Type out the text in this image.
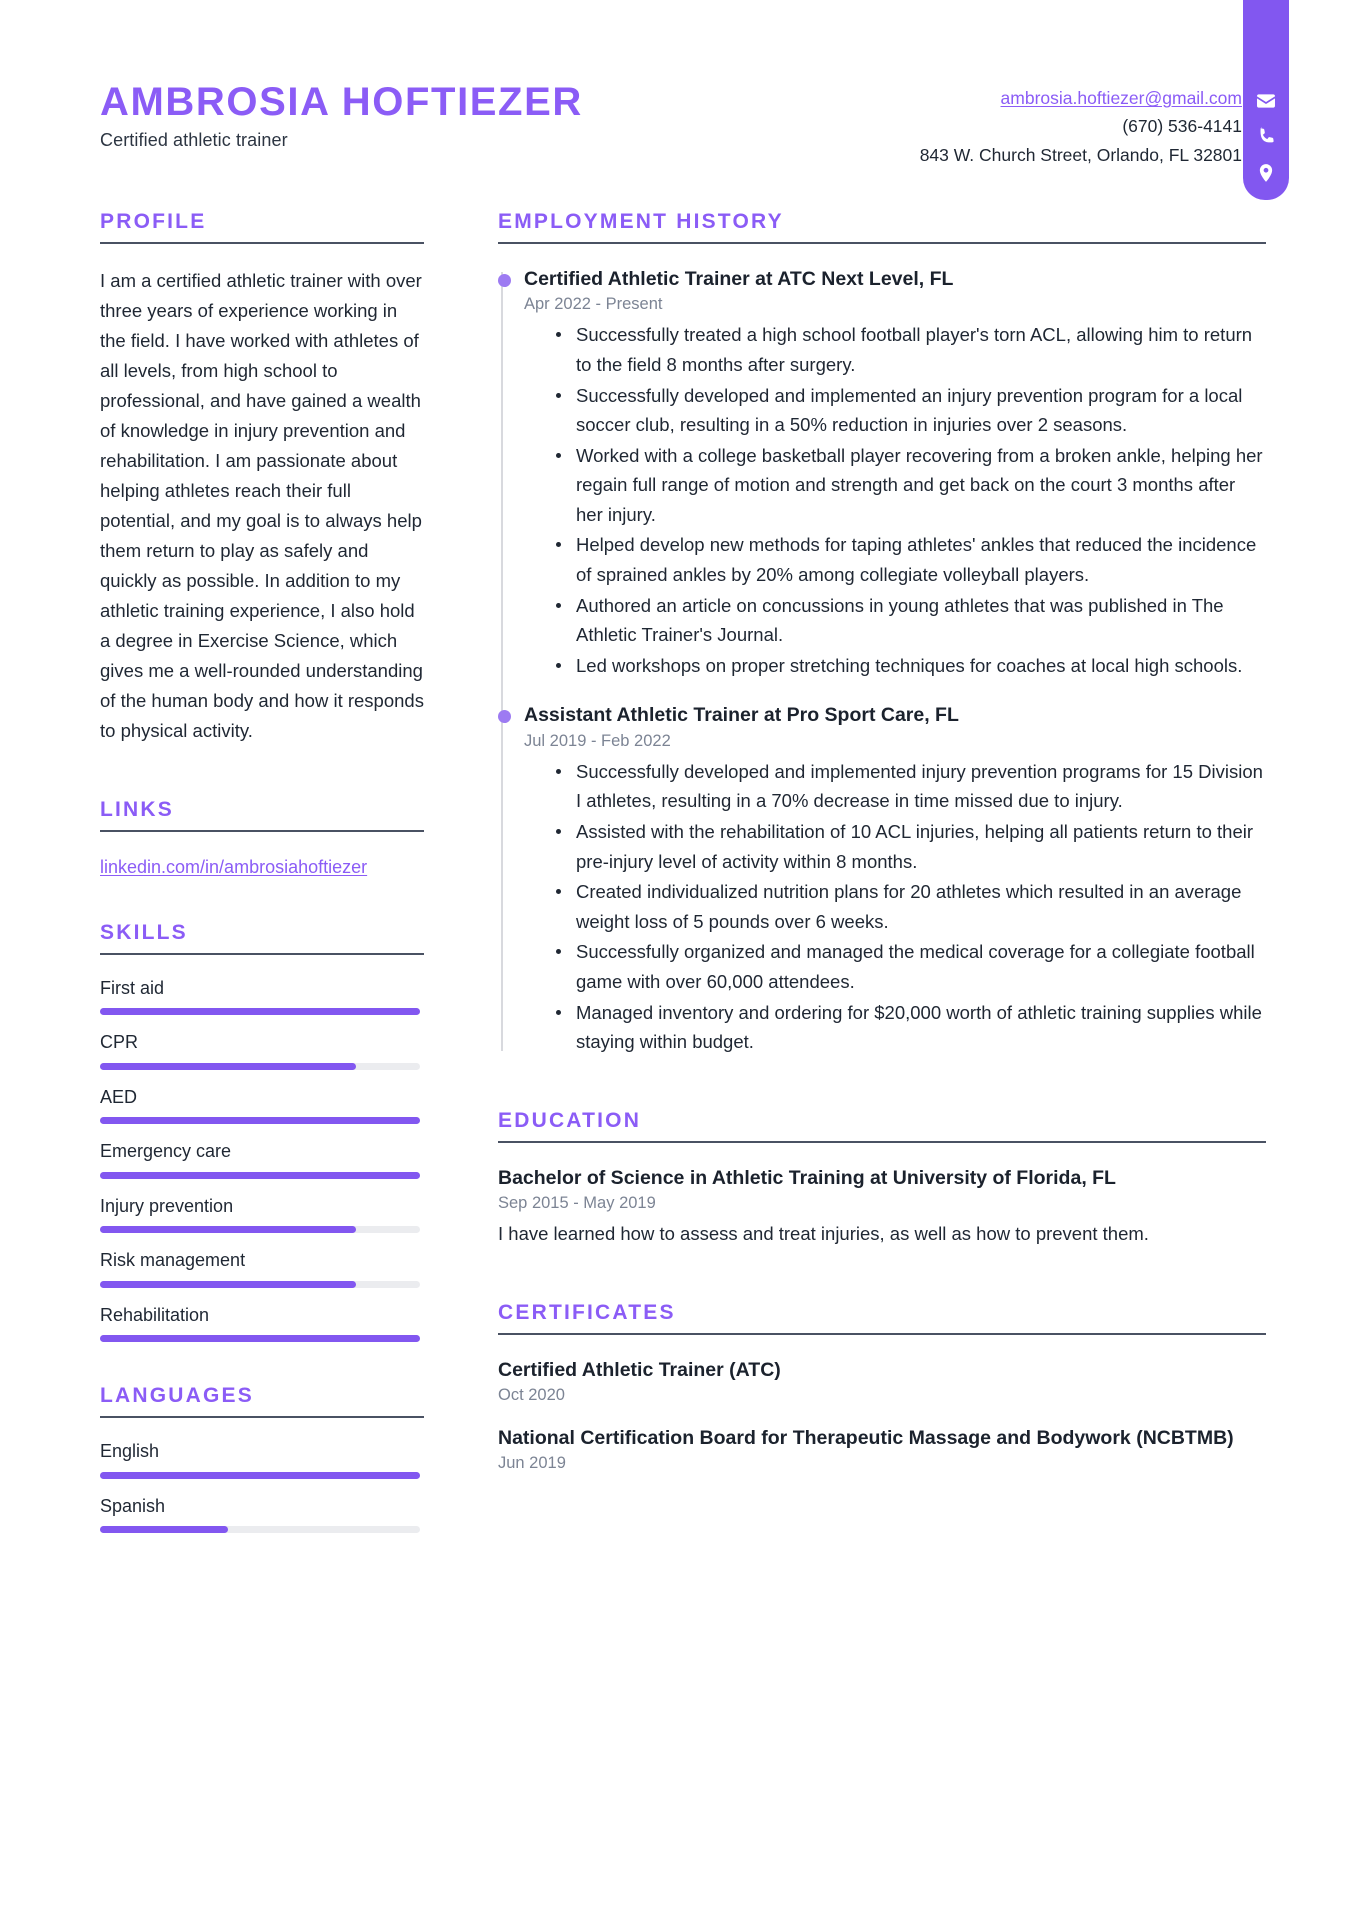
AMBROSIA HOFTIEZER
Certified athletic trainer
ambrosia.hoftiezer@gmail.com
(670) 536-4141
843 W. Church Street, Orlando, FL 32801
PROFILE
I am a certified athletic trainer with over three years of experience working in the field. I have worked with athletes of all levels, from high school to professional, and have gained a wealth of knowledge in injury prevention and rehabilitation. I am passionate about helping athletes reach their full potential, and my goal is to always help them return to play as safely and quickly as possible. In addition to my athletic training experience, I also hold a degree in Exercise Science, which gives me a well-rounded understanding of the human body and how it responds to physical activity.
LINKS
linkedin.com/in/ambrosiahoftiezer
SKILLS
First aid
CPR
AED
Emergency care
Injury prevention
Risk management
Rehabilitation
LANGUAGES
English
Spanish
EMPLOYMENT HISTORY
Certified Athletic Trainer at ATC Next Level, FL
Apr 2022 - Present
Successfully treated a high school football player's torn ACL, allowing him to return to the field 8 months after surgery.
Successfully developed and implemented an injury prevention program for a local soccer club, resulting in a 50% reduction in injuries over 2 seasons.
Worked with a college basketball player recovering from a broken ankle, helping her regain full range of motion and strength and get back on the court 3 months after her injury.
Helped develop new methods for taping athletes' ankles that reduced the incidence of sprained ankles by 20% among collegiate volleyball players.
Authored an article on concussions in young athletes that was published in The Athletic Trainer's Journal.
Led workshops on proper stretching techniques for coaches at local high schools.
Assistant Athletic Trainer at Pro Sport Care, FL
Jul 2019 - Feb 2022
Successfully developed and implemented injury prevention programs for 15 Division I athletes, resulting in a 70% decrease in time missed due to injury.
Assisted with the rehabilitation of 10 ACL injuries, helping all patients return to their pre-injury level of activity within 8 months.
Created individualized nutrition plans for 20 athletes which resulted in an average weight loss of 5 pounds over 6 weeks.
Successfully organized and managed the medical coverage for a collegiate football game with over 60,000 attendees.
Managed inventory and ordering for $20,000 worth of athletic training supplies while staying within budget.
EDUCATION
Bachelor of Science in Athletic Training at University of Florida, FL
Sep 2015 - May 2019
I have learned how to assess and treat injuries, as well as how to prevent them.
CERTIFICATES
Certified Athletic Trainer (ATC)
Oct 2020
National Certification Board for Therapeutic Massage and Bodywork (NCBTMB)
Jun 2019
